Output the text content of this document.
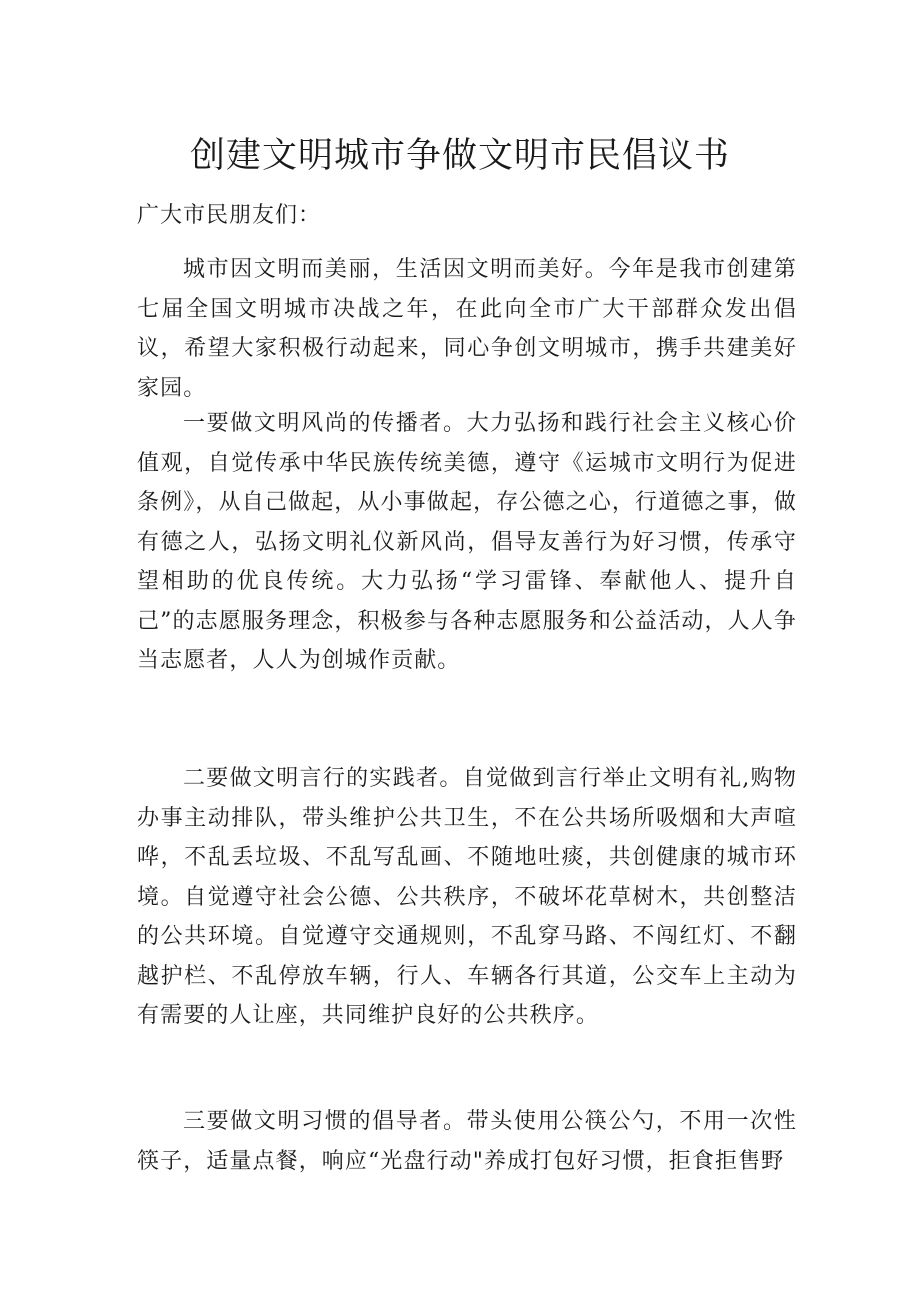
创建文明城市争做文明市民倡议书

广大市民朋友们：

城市因文明而美丽，生活因文明而美好。今年是我市创建第七届全国文明城市决战之年，在此向全市广大干部群众发出倡议，希望大家积极行动起来，同心争创文明城市，携手共建美好家园。

一要做文明风尚的传播者。大力弘扬和践行社会主义核心价值观，自觉传承中华民族传统美德，遵守《运城市文明行为促进条例》，从自己做起，从小事做起，存公德之心，行道德之事，做有德之人，弘扬文明礼仪新风尚，倡导友善行为好习惯，传承守望相助的优良传统。大力弘扬“学习雷锋、奉献他人、提升自己”的志愿服务理念，积极参与各种志愿服务和公益活动，人人争当志愿者，人人为创城作贡献。

二要做文明言行的实践者。自觉做到言行举止文明有礼,购物办事主动排队，带头维护公共卫生，不在公共场所吸烟和大声喧哗，不乱丢垃圾、不乱写乱画、不随地吐痰，共创健康的城市环境。自觉遵守社会公德、公共秩序，不破坏花草树木，共创整洁的公共环境。自觉遵守交通规则，不乱穿马路、不闯红灯、不翻越护栏、不乱停放车辆，行人、车辆各行其道，公交车上主动为有需要的人让座，共同维护良好的公共秩序。

三要做文明习惯的倡导者。带头使用公筷公勺，不用一次性筷子，适量点餐，响应“光盘行动"养成打包好习惯，拒食拒售野
